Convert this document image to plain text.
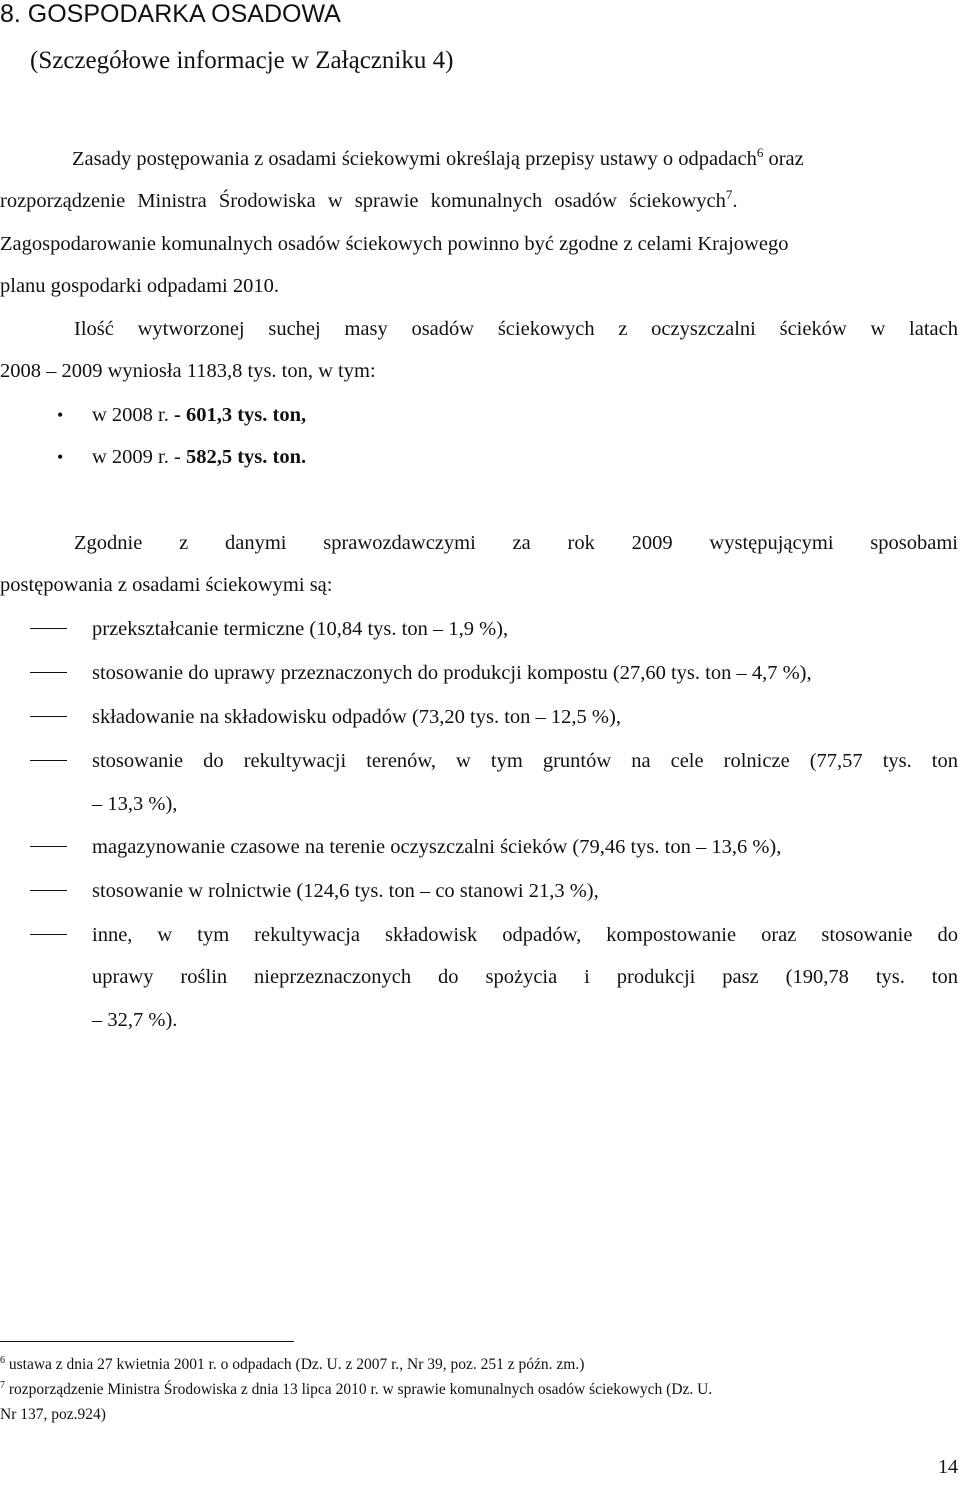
8. GOSPODARKA OSADOWA
(Szczegółowe informacje w Załączniku 4)
Zasady postępowania z osadami ściekowymi określają przepisy ustawy o odpadach$^6$ oraz
rozporządzenie Ministra Środowiska w sprawie komunalnych osadów ściekowych$^7$.
Zagospodarowanie komunalnych osadów ściekowych powinno być zgodne z celami Krajowego
planu gospodarki odpadami 2010.
Ilość wytworzonej suchej masy osadów ściekowych z oczyszczalni ścieków w latach
2008 – 2009 wyniosła 1183,8 tys. ton, w tym:
• w 2008 r. - 601,3 tys. ton,
• w 2009 r. - 582,5 tys. ton.
Zgodnie z danymi sprawozdawczymi za rok 2009 występującymi sposobami
postępowania z osadami ściekowymi są:
przekształcanie termiczne (10,84 tys. ton – 1,9 %),
stosowanie do uprawy przeznaczonych do produkcji kompostu (27,60 tys. ton – 4,7 %),
składowanie na składowisku odpadów (73,20 tys. ton – 12,5 %),
stosowanie do rekultywacji terenów, w tym gruntów na cele rolnicze (77,57 tys. ton
– 13,3 %),
magazynowanie czasowe na terenie oczyszczalni ścieków (79,46 tys. ton – 13,6 %),
stosowanie w rolnictwie (124,6 tys. ton – co stanowi 21,3 %),
inne, w tym rekultywacja składowisk odpadów, kompostowanie oraz stosowanie do
uprawy roślin nieprzeznaczonych do spożycia i produkcji pasz (190,78 tys. ton
– 32,7 %).
$^6$ ustawa z dnia 27 kwietnia 2001 r. o odpadach (Dz. U. z 2007 r., Nr 39, poz. 251 z późn. zm.)
$^7$ rozporządzenie Ministra Środowiska z dnia 13 lipca 2010 r. w sprawie komunalnych osadów ściekowych (Dz. U.
Nr 137, poz.924)
14
